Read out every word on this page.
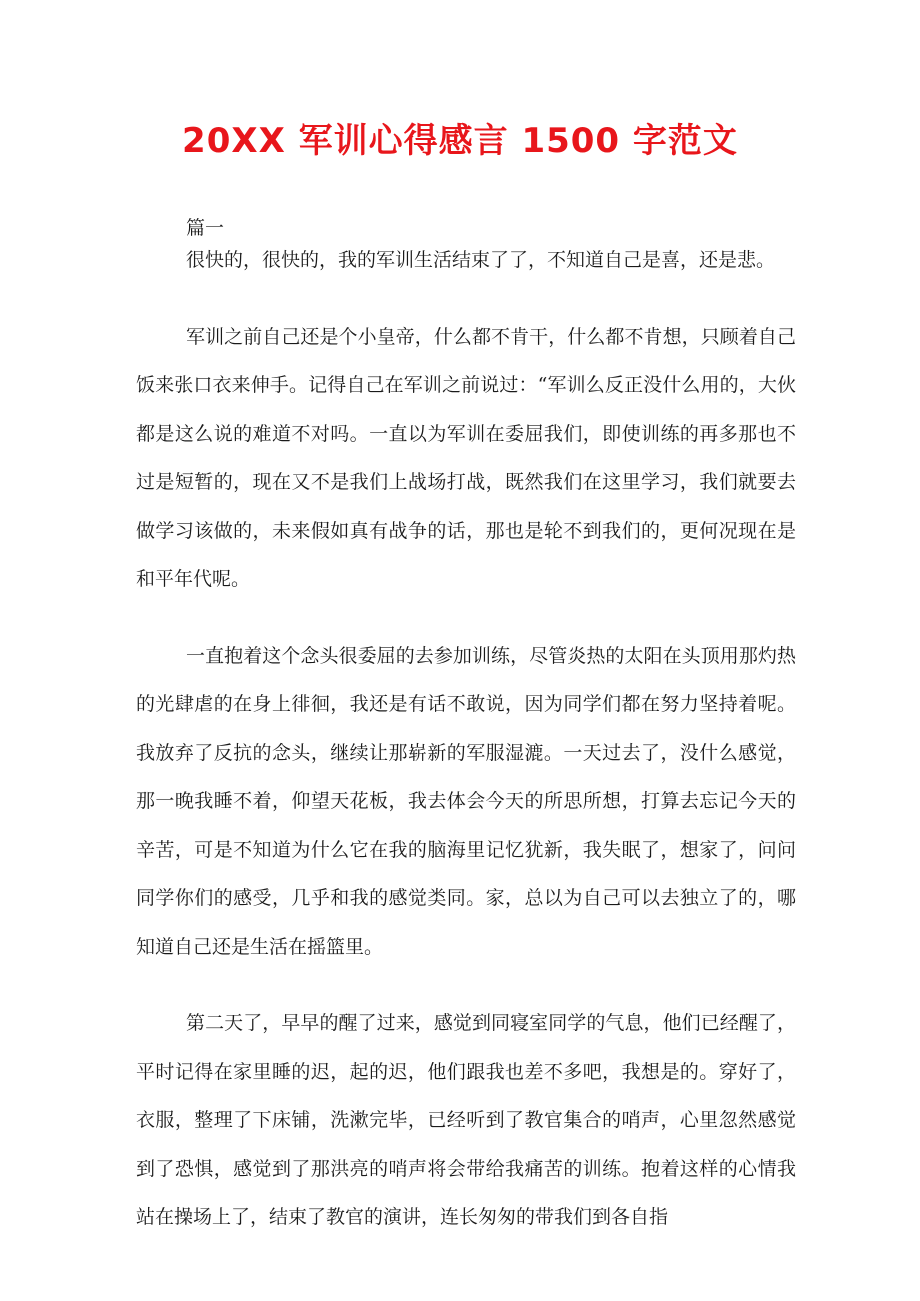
20XX 军训心得感言 1500 字范文

篇一

很快的，很快的，我的军训生活结束了了，不知道自己是喜，还是悲。

军训之前自己还是个小皇帝，什么都不肯干，什么都不肯想，只顾着自己饭来张口衣来伸手。记得自己在军训之前说过：“军训么反正没什么用的，大伙都是这么说的难道不对吗。一直以为军训在委屈我们，即使训练的再多那也不过是短暂的，现在又不是我们上战场打战，既然我们在这里学习，我们就要去做学习该做的，未来假如真有战争的话，那也是轮不到我们的，更何况现在是和平年代呢。

一直抱着这个念头很委屈的去参加训练，尽管炎热的太阳在头顶用那灼热的光肆虐的在身上徘徊，我还是有话不敢说，因为同学们都在努力坚持着呢。我放弃了反抗的念头，继续让那崭新的军服湿漉。一天过去了，没什么感觉，那一晚我睡不着，仰望天花板，我去体会今天的所思所想，打算去忘记今天的辛苦，可是不知道为什么它在我的脑海里记忆犹新，我失眠了，想家了，问问同学你们的感受，几乎和我的感觉类同。家，总以为自己可以去独立了的，哪知道自己还是生活在摇篮里。

第二天了，早早的醒了过来，感觉到同寝室同学的气息，他们已经醒了，平时记得在家里睡的迟，起的迟，他们跟我也差不多吧，我想是的。穿好了，衣服，整理了下床铺，洗漱完毕，已经听到了教官集合的哨声，心里忽然感觉到了恐惧，感觉到了那洪亮的哨声将会带给我痛苦的训练。抱着这样的心情我站在操场上了，结束了教官的演讲，连长匆匆的带我们到各自指
